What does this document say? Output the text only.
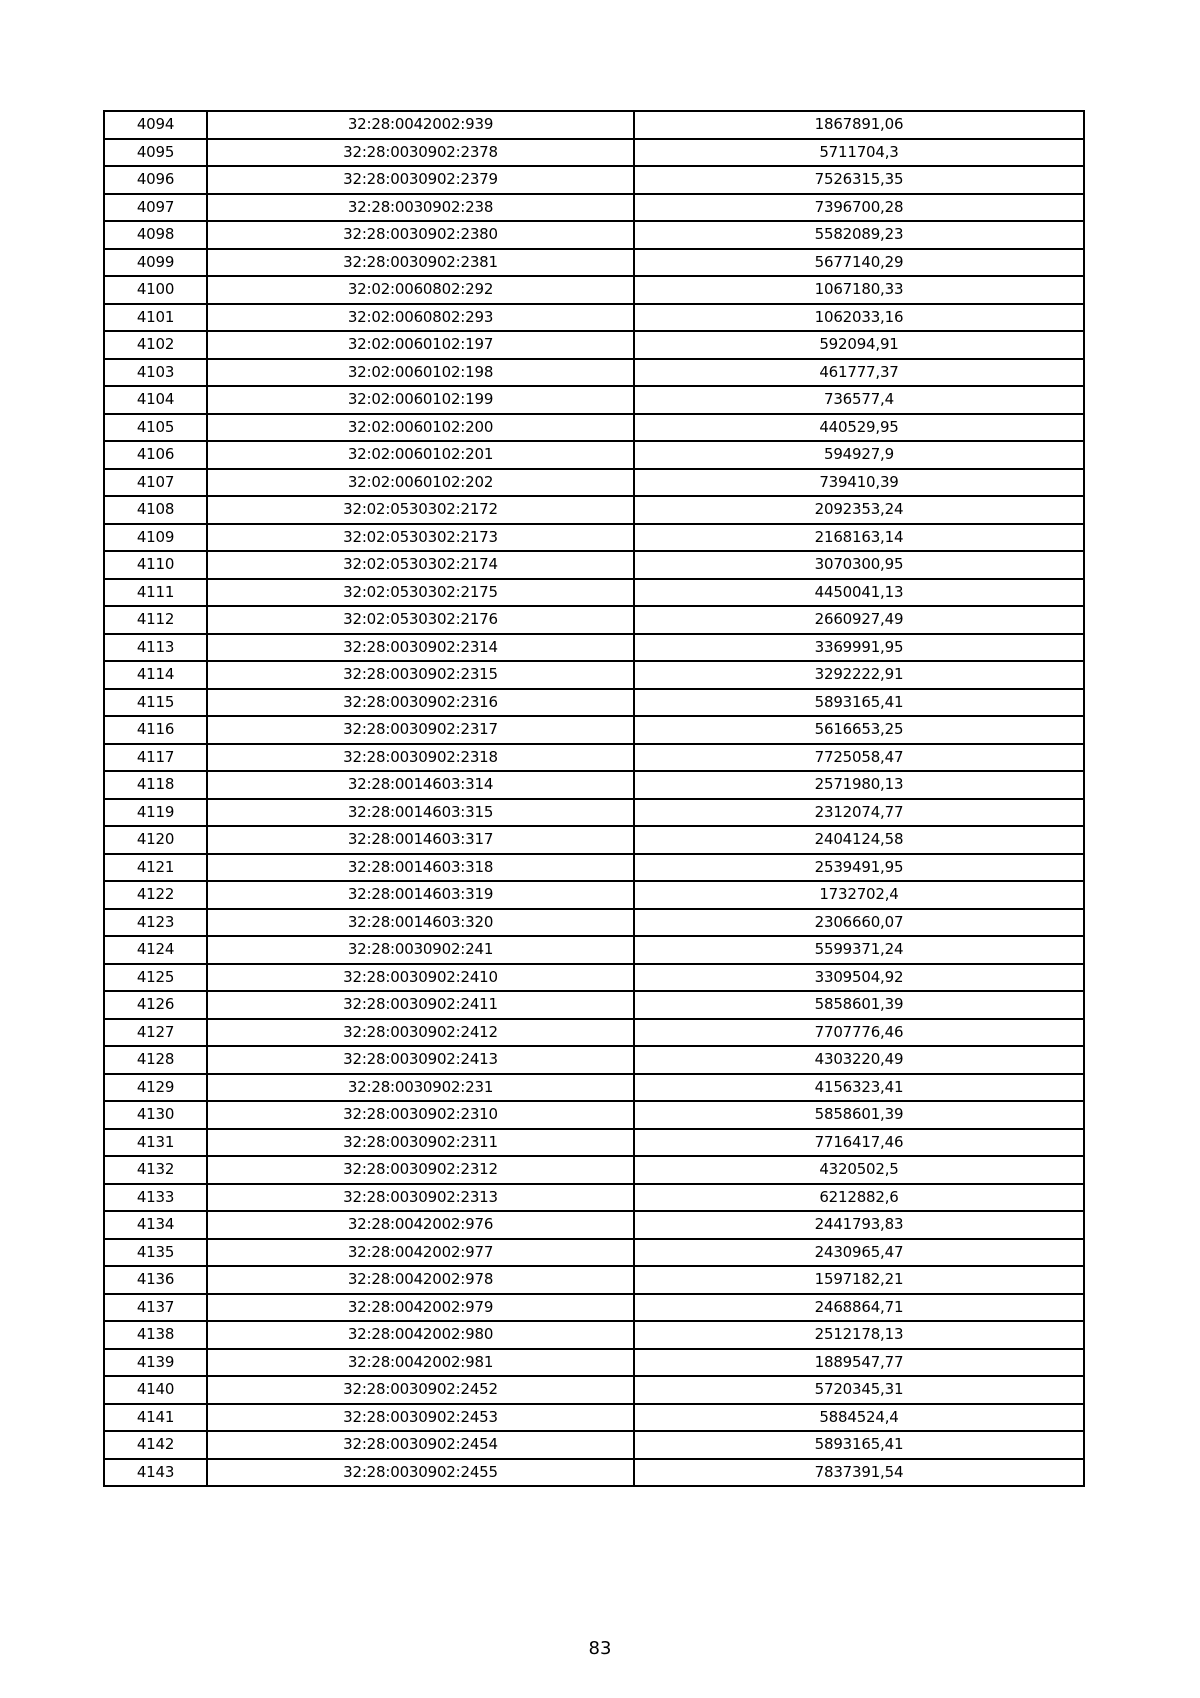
4094	32:28:0042002:939	1867891,06
4095	32:28:0030902:2378	5711704,3
4096	32:28:0030902:2379	7526315,35
4097	32:28:0030902:238	7396700,28
4098	32:28:0030902:2380	5582089,23
4099	32:28:0030902:2381	5677140,29
4100	32:02:0060802:292	1067180,33
4101	32:02:0060802:293	1062033,16
4102	32:02:0060102:197	592094,91
4103	32:02:0060102:198	461777,37
4104	32:02:0060102:199	736577,4
4105	32:02:0060102:200	440529,95
4106	32:02:0060102:201	594927,9
4107	32:02:0060102:202	739410,39
4108	32:02:0530302:2172	2092353,24
4109	32:02:0530302:2173	2168163,14
4110	32:02:0530302:2174	3070300,95
4111	32:02:0530302:2175	4450041,13
4112	32:02:0530302:2176	2660927,49
4113	32:28:0030902:2314	3369991,95
4114	32:28:0030902:2315	3292222,91
4115	32:28:0030902:2316	5893165,41
4116	32:28:0030902:2317	5616653,25
4117	32:28:0030902:2318	7725058,47
4118	32:28:0014603:314	2571980,13
4119	32:28:0014603:315	2312074,77
4120	32:28:0014603:317	2404124,58
4121	32:28:0014603:318	2539491,95
4122	32:28:0014603:319	1732702,4
4123	32:28:0014603:320	2306660,07
4124	32:28:0030902:241	5599371,24
4125	32:28:0030902:2410	3309504,92
4126	32:28:0030902:2411	5858601,39
4127	32:28:0030902:2412	7707776,46
4128	32:28:0030902:2413	4303220,49
4129	32:28:0030902:231	4156323,41
4130	32:28:0030902:2310	5858601,39
4131	32:28:0030902:2311	7716417,46
4132	32:28:0030902:2312	4320502,5
4133	32:28:0030902:2313	6212882,6
4134	32:28:0042002:976	2441793,83
4135	32:28:0042002:977	2430965,47
4136	32:28:0042002:978	1597182,21
4137	32:28:0042002:979	2468864,71
4138	32:28:0042002:980	2512178,13
4139	32:28:0042002:981	1889547,77
4140	32:28:0030902:2452	5720345,31
4141	32:28:0030902:2453	5884524,4
4142	32:28:0030902:2454	5893165,41
4143	32:28:0030902:2455	7837391,54
83
